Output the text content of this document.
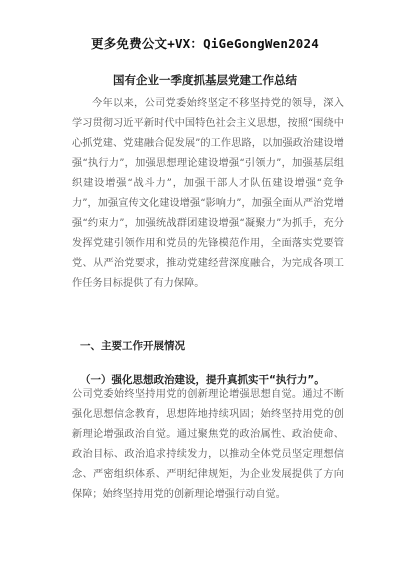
更多免费公文+VX：QiGeGongWen2024
国有企业一季度抓基层党建工作总结
今年以来，公司党委始终坚定不移坚持党的领导，深入学习贯彻习近平新时代中国特色社会主义思想，按照“围绕中心抓党建、党建融合促发展”的工作思路，以加强政治建设增强“执行力”，加强思想理论建设增强“引领力”，加强基层组织建设增强“战斗力”，加强干部人才队伍建设增强“竞争力”，加强宣传文化建设增强“影响力”，加强全面从严治党增强“约束力”，加强统战群团建设增强“凝聚力”为抓手，充分发挥党建引领作用和党员的先锋模范作用，全面落实党要管党、从严治党要求，推动党建经营深度融合，为完成各项工作任务目标提供了有力保障。
一、主要工作开展情况
（一）强化思想政治建设，提升真抓实干“执行力”。
公司党委始终坚持用党的创新理论增强思想自觉。通过不断强化思想信念教育，思想阵地持续巩固；始终坚持用党的创新理论增强政治自觉。通过聚焦党的政治属性、政治使命、政治目标、政治追求持续发力，以推动全体党员坚定理想信念、严密组织体系、严明纪律规矩，为企业发展提供了方向保障；始终坚持用党的创新理论增强行动自觉。
